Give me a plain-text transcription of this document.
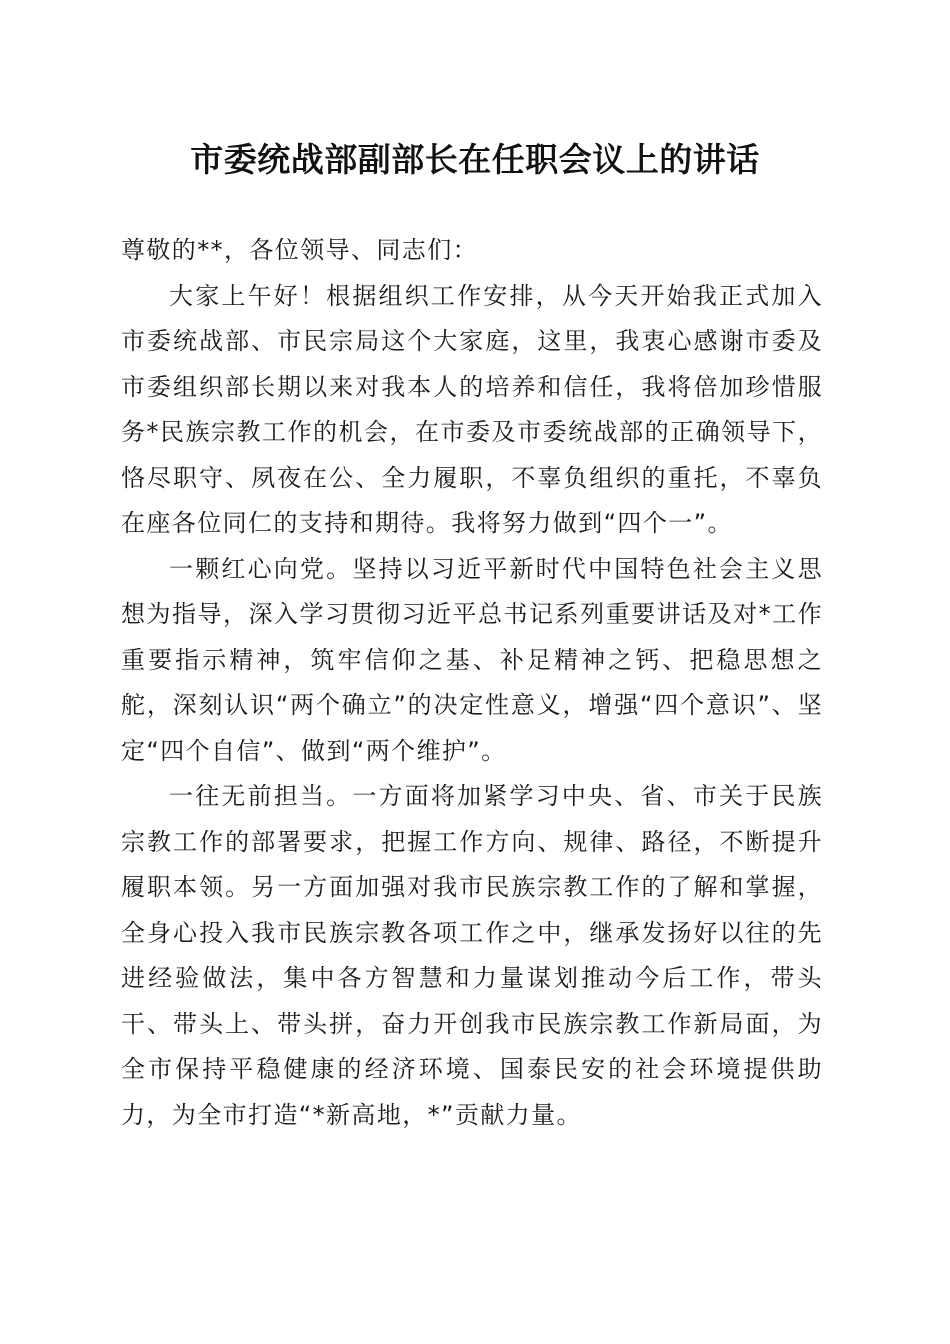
市委统战部副部长在任职会议上的讲话

尊敬的**，各位领导、同志们：

大家上午好！根据组织工作安排，从今天开始我正式加入市委统战部、市民宗局这个大家庭，这里，我衷心感谢市委及市委组织部长期以来对我本人的培养和信任，我将倍加珍惜服务*民族宗教工作的机会，在市委及市委统战部的正确领导下，恪尽职守、夙夜在公、全力履职，不辜负组织的重托，不辜负在座各位同仁的支持和期待。我将努力做到“四个一”。

一颗红心向党。坚持以习近平新时代中国特色社会主义思想为指导，深入学习贯彻习近平总书记系列重要讲话及对*工作重要指示精神，筑牢信仰之基、补足精神之钙、把稳思想之舵，深刻认识“两个确立”的决定性意义，增强“四个意识”、坚定“四个自信”、做到“两个维护”。

一往无前担当。一方面将加紧学习中央、省、市关于民族宗教工作的部署要求，把握工作方向、规律、路径，不断提升履职本领。另一方面加强对我市民族宗教工作的了解和掌握，全身心投入我市民族宗教各项工作之中，继承发扬好以往的先进经验做法，集中各方智慧和力量谋划推动今后工作，带头干、带头上、带头拼，奋力开创我市民族宗教工作新局面，为全市保持平稳健康的经济环境、国泰民安的社会环境提供助力，为全市打造“*新高地，*”贡献力量。
